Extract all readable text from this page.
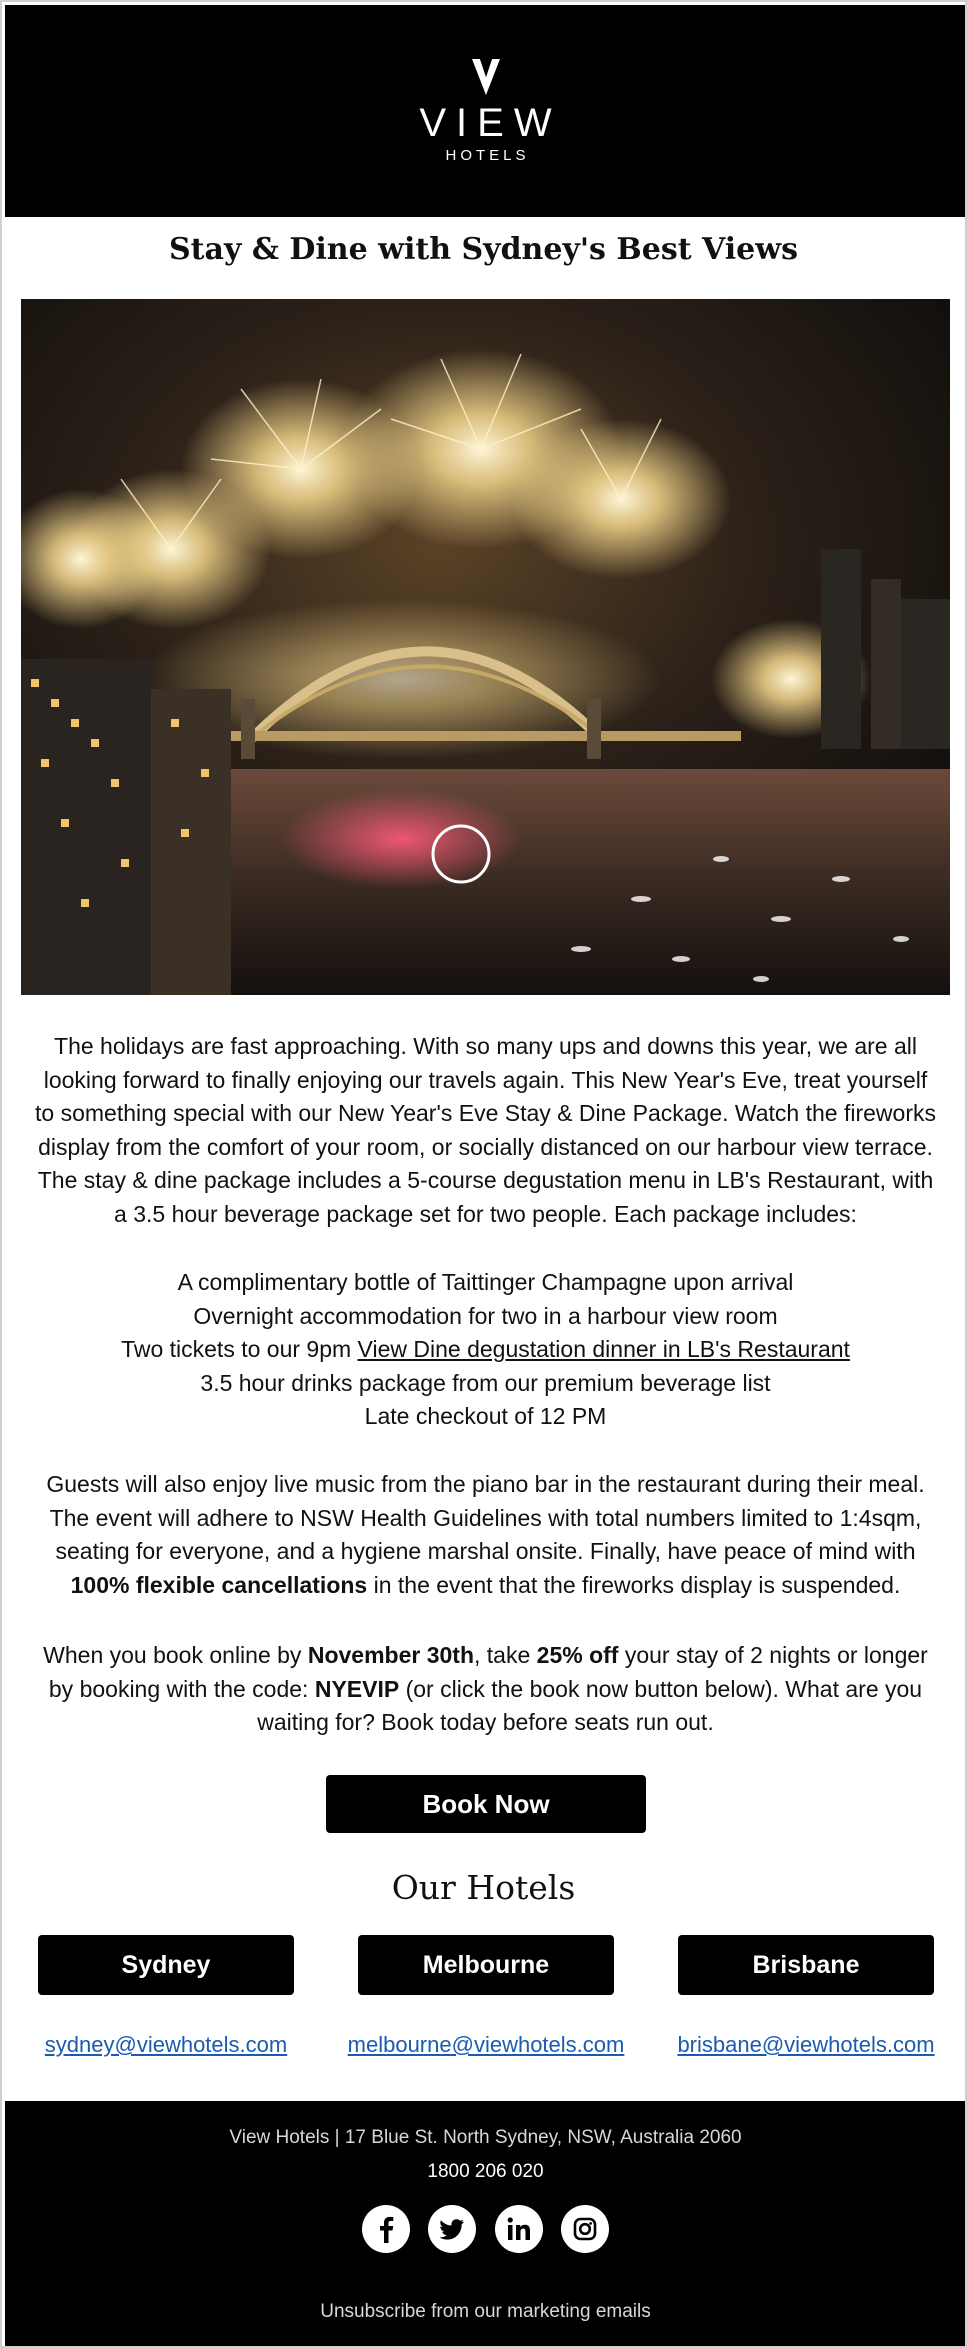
VIEW
HOTELS
Stay & Dine with Sydney's Best Views
The holidays are fast approaching. With so many ups and downs this year, we are all looking forward to finally enjoying our travels again. This New Year's Eve, treat yourself to something special with our New Year's Eve Stay & Dine Package. Watch the fireworks display from the comfort of your room, or socially distanced on our harbour view terrace. The stay & dine package includes a 5-course degustation menu in LB's Restaurant, with a 3.5 hour beverage package set for two people. Each package includes:
A complimentary bottle of Taittinger Champagne upon arrival
Overnight accommodation for two in a harbour view room
Two tickets to our 9pm View Dine degustation dinner in LB's Restaurant
3.5 hour drinks package from our premium beverage list
Late checkout of 12 PM
Guests will also enjoy live music from the piano bar in the restaurant during their meal. The event will adhere to NSW Health Guidelines with total numbers limited to 1:4sqm, seating for everyone, and a hygiene marshal onsite. Finally, have peace of mind with 100% flexible cancellations in the event that the fireworks display is suspended.
When you book online by November 30th, take 25% off your stay of 2 nights or longer by booking with the code: NYEVIP (or click the book now button below). What are you waiting for? Book today before seats run out.
Book Now
Our Hotels
Sydney	Melbourne	Brisbane
sydney@viewhotels.com	melbourne@viewhotels.com	brisbane@viewhotels.com
View Hotels | 17 Blue St. North Sydney, NSW, Australia 2060
1800 206 020

Unsubscribe from our marketing emails
